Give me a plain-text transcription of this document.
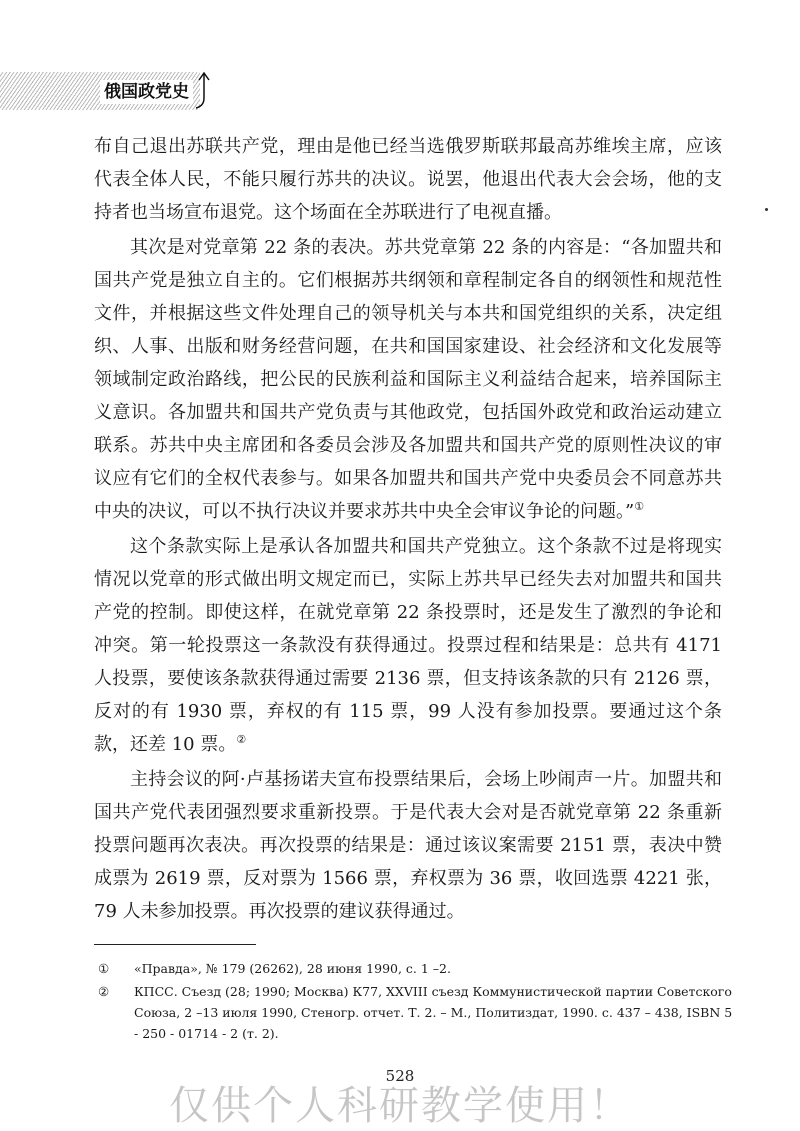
俄国政党史

布自己退出苏联共产党，理由是他已经当选俄罗斯联邦最高苏维埃主席，应该代表全体人民，不能只履行苏共的决议。说罢，他退出代表大会会场，他的支持者也当场宣布退党。这个场面在全苏联进行了电视直播。

其次是对党章第 22 条的表决。苏共党章第 22 条的内容是：“各加盟共和国共产党是独立自主的。它们根据苏共纲领和章程制定各自的纲领性和规范性文件，并根据这些文件处理自己的领导机关与本共和国党组织的关系，决定组织、人事、出版和财务经营问题，在共和国国家建设、社会经济和文化发展等领域制定政治路线，把公民的民族利益和国际主义利益结合起来，培养国际主义意识。各加盟共和国共产党负责与其他政党，包括国外政党和政治运动建立联系。苏共中央主席团和各委员会涉及各加盟共和国共产党的原则性决议的审议应有它们的全权代表参与。如果各加盟共和国共产党中央委员会不同意苏共中央的决议，可以不执行决议并要求苏共中央全会审议争论的问题。”①

这个条款实际上是承认各加盟共和国共产党独立。这个条款不过是将现实情况以党章的形式做出明文规定而已，实际上苏共早已经失去对加盟共和国共产党的控制。即使这样，在就党章第 22 条投票时，还是发生了激烈的争论和冲突。第一轮投票这一条款没有获得通过。投票过程和结果是：总共有 4171 人投票，要使该条款获得通过需要 2136 票，但支持该条款的只有 2126 票，反对的有 1930 票，弃权的有 115 票，99 人没有参加投票。要通过这个条款，还差 10 票。②

主持会议的阿·卢基扬诺夫宣布投票结果后，会场上吵闹声一片。加盟共和国共产党代表团强烈要求重新投票。于是代表大会对是否就党章第 22 条重新投票问题再次表决。再次投票的结果是：通过该议案需要 2151 票，表决中赞成票为 2619 票，反对票为 1566 票，弃权票为 36 票，收回选票 4221 张，79 人未参加投票。再次投票的建议获得通过。

①	«Правда», № 179 (26262), 28 июня 1990, с. 1 –2.
②	КПСС. Съезд (28; 1990; Москва) К77, XXVIII съезд Коммунистической партии Советского Союза, 2 –13 июля 1990, Стеногр. отчет. Т. 2. – М., Политиздат, 1990. с. 437 – 438, ISBN 5 - 250 - 01714 - 2 (т. 2).
528
仅供个人科研教学使用！
